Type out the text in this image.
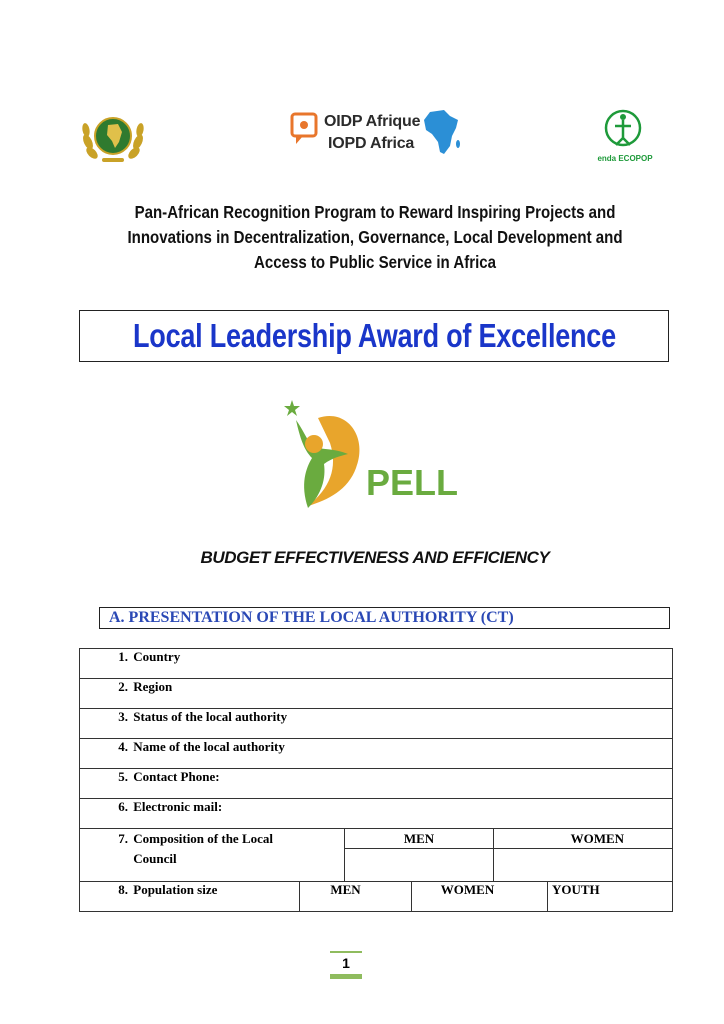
OIDP Afrique
IOPD Africa
enda ECOPOP
Pan-African Recognition Program to Reward Inspiring Projects and Innovations in Decentralization, Governance, Local Development and Access to Public Service in Africa
Local Leadership Award of Excellence
PELL
BUDGET EFFECTIVENESS AND EFFICIENCY
A. PRESENTATION OF THE LOCAL AUTHORITY (CT)
1. Country					
2. Region					
3. Status of the local authority					
4. Name of the local authority					
5. Contact Phone:					
6. Electronic mail:					
7. Composition of the Local
Council		MEN		WOMEN	

8. Population size	MEN		WOMEN		YOUTH
1
